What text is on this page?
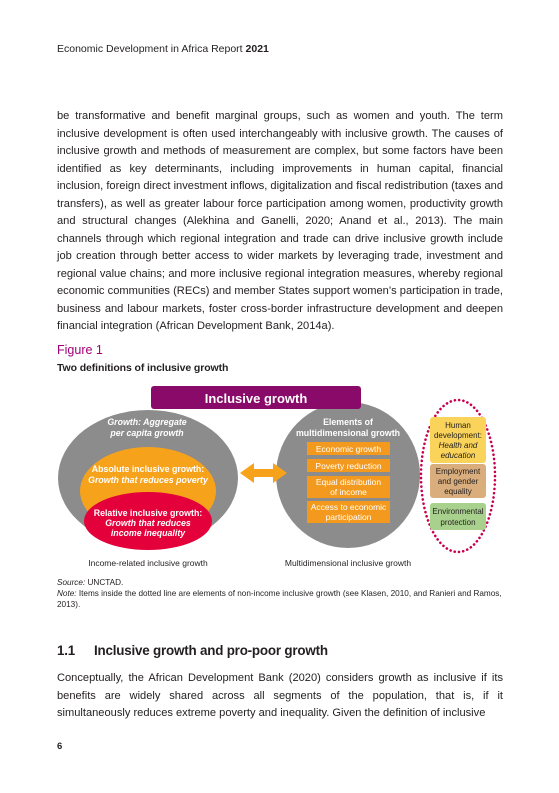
Economic Development in Africa Report 2021

be transformative and benefit marginal groups, such as women and youth. The term inclusive development is often used interchangeably with inclusive growth. The causes of inclusive growth and methods of measurement are complex, but some factors have been identified as key determinants, including improvements in human capital, financial inclusion, foreign direct investment inflows, digitalization and fiscal redistribution (taxes and transfers), as well as greater labour force participation among women, productivity growth and structural changes (Alekhina and Ganelli, 2020; Anand et al., 2013). The main channels through which regional integration and trade can drive inclusive growth include job creation through better access to wider markets by leveraging trade, investment and regional value chains; and more inclusive regional integration measures, whereby regional economic communities (RECs) and member States support women’s participation in trade, business and labour markets, foster cross-border infrastructure development and deepen financial integration (African Development Bank, 2014a).

Figure 1
Two definitions of inclusive growth
Inclusive growth
Growth: Aggregate
per capita growth
Absolute inclusive growth:
Growth that reduces poverty
Relative inclusive growth:
Growth that reduces
income inequality
Income-related inclusive growth
Elements of
multidimensional growth
Economic growth
Poverty reduction
Equal distribution
of income
Access to economic
participation
Multidimensional inclusive growth
Human
development:
Health and
education
Employment
and gender
equality
Environmental
protection

Source: UNCTAD.
Note: Items inside the dotted line are elements of non-income inclusive growth (see Klasen, 2010, and Ranieri and Ramos, 2013).

1.1 Inclusive growth and pro-poor growth

Conceptually, the African Development Bank (2020) considers growth as inclusive if its benefits are widely shared across all segments of the population, that is, if it simultaneously reduces extreme poverty and inequality. Given the definition of inclusive

6
